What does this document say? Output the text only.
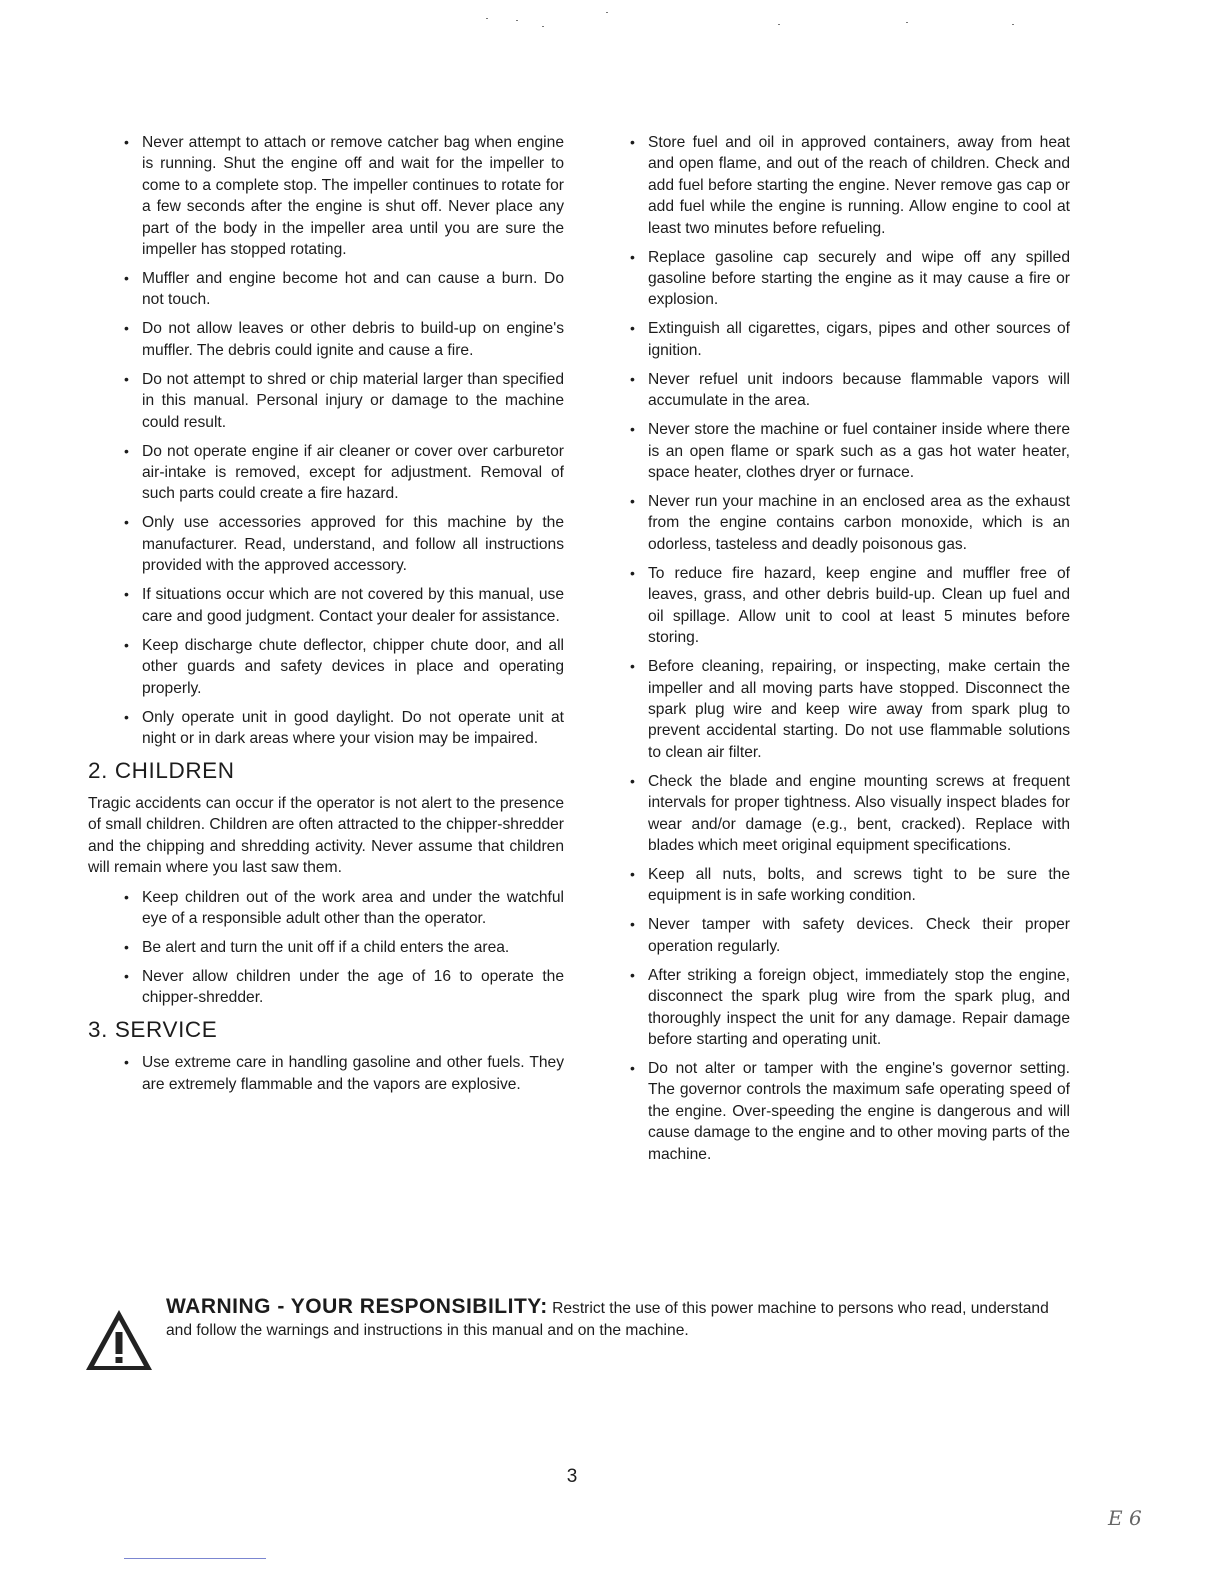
• Never attempt to attach or remove catcher bag when engine is running. Shut the engine off and wait for the impeller to come to a complete stop. The impeller continues to rotate for a few seconds after the engine is shut off. Never place any part of the body in the impeller area until you are sure the impeller has stopped rotating.
• Muffler and engine become hot and can cause a burn. Do not touch.
• Do not allow leaves or other debris to build-up on engine's muffler. The debris could ignite and cause a fire.
• Do not attempt to shred or chip material larger than specified in this manual. Personal injury or damage to the machine could result.
• Do not operate engine if air cleaner or cover over carburetor air-intake is removed, except for adjustment. Removal of such parts could create a fire hazard.
• Only use accessories approved for this machine by the manufacturer. Read, understand, and follow all instructions provided with the approved accessory.
• If situations occur which are not covered by this manual, use care and good judgment. Contact your dealer for assistance.
• Keep discharge chute deflector, chipper chute door, and all other guards and safety devices in place and operating properly.
• Only operate unit in good daylight. Do not operate unit at night or in dark areas where your vision may be impaired.
2. CHILDREN

Tragic accidents can occur if the operator is not alert to the presence of small children. Children are often attracted to the chipper-shredder and the chipping and shredding activity. Never assume that children will remain where you last saw them.

• Keep children out of the work area and under the watchful eye of a responsible adult other than the operator.
• Be alert and turn the unit off if a child enters the area.
• Never allow children under the age of 16 to operate the chipper-shredder.
3. SERVICE
• Use extreme care in handling gasoline and other fuels. They are extremely flammable and the vapors are explosive.
• Store fuel and oil in approved containers, away from heat and open flame, and out of the reach of children. Check and add fuel before starting the engine. Never remove gas cap or add fuel while the engine is running. Allow engine to cool at least two minutes before refueling.
• Replace gasoline cap securely and wipe off any spilled gasoline before starting the engine as it may cause a fire or explosion.
• Extinguish all cigarettes, cigars, pipes and other sources of ignition.
• Never refuel unit indoors because flammable vapors will accumulate in the area.
• Never store the machine or fuel container inside where there is an open flame or spark such as a gas hot water heater, space heater, clothes dryer or furnace.
• Never run your machine in an enclosed area as the exhaust from the engine contains carbon monoxide, which is an odorless, tasteless and deadly poisonous gas.
• To reduce fire hazard, keep engine and muffler free of leaves, grass, and other debris build-up. Clean up fuel and oil spillage. Allow unit to cool at least 5 minutes before storing.
• Before cleaning, repairing, or inspecting, make certain the impeller and all moving parts have stopped. Disconnect the spark plug wire and keep wire away from spark plug to prevent accidental starting. Do not use flammable solutions to clean air filter.
• Check the blade and engine mounting screws at frequent intervals for proper tightness. Also visually inspect blades for wear and/or damage (e.g., bent, cracked). Replace with blades which meet original equipment specifications.
• Keep all nuts, bolts, and screws tight to be sure the equipment is in safe working condition.
• Never tamper with safety devices. Check their proper operation regularly.
• After striking a foreign object, immediately stop the engine, disconnect the spark plug wire from the spark plug, and thoroughly inspect the unit for any damage. Repair damage before starting and operating unit.
• Do not alter or tamper with the engine's governor setting. The governor controls the maximum safe operating speed of the engine. Over-speeding the engine is dangerous and will cause damage to the engine and to other moving parts of the machine.
WARNING - YOUR RESPONSIBILITY: Restrict the use of this power machine to persons who read, understand and follow the warnings and instructions in this manual and on the machine.
3
E 6
